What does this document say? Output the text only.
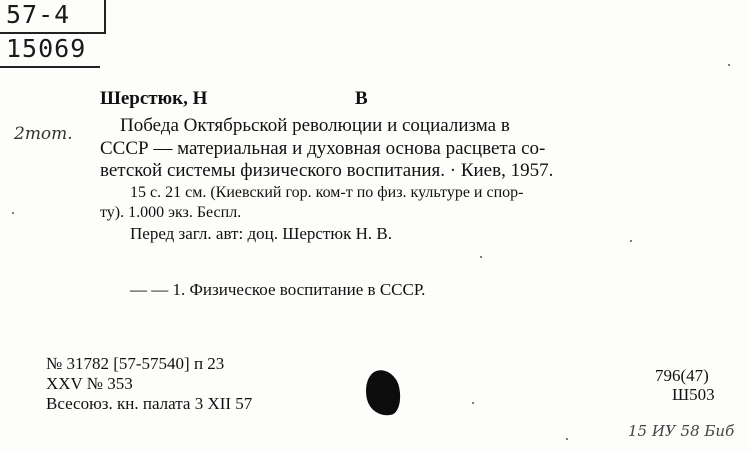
57-4
15069
2тот.
Шерстюк, Н	В
Победа Октябрьской революции и социализма в
СССР — материальная и духовная основа расцвета со-
ветской системы физического воспитания. · Киев, 1957.
15 с. 21 см. (Киевский гор. ком-т по физ. культуре и спор-
ту). 1.000 экз. Беспл.
Перед загл. авт: доц. Шерстюк Н. В.
— — 1. Физическое воспитание в СССР.
№ 31782 [57-57540] п 23
XXV № 353
Всесоюз. кн. палата 3 XII 57
796(47)
Ш503
15 ИУ 58 Биб
